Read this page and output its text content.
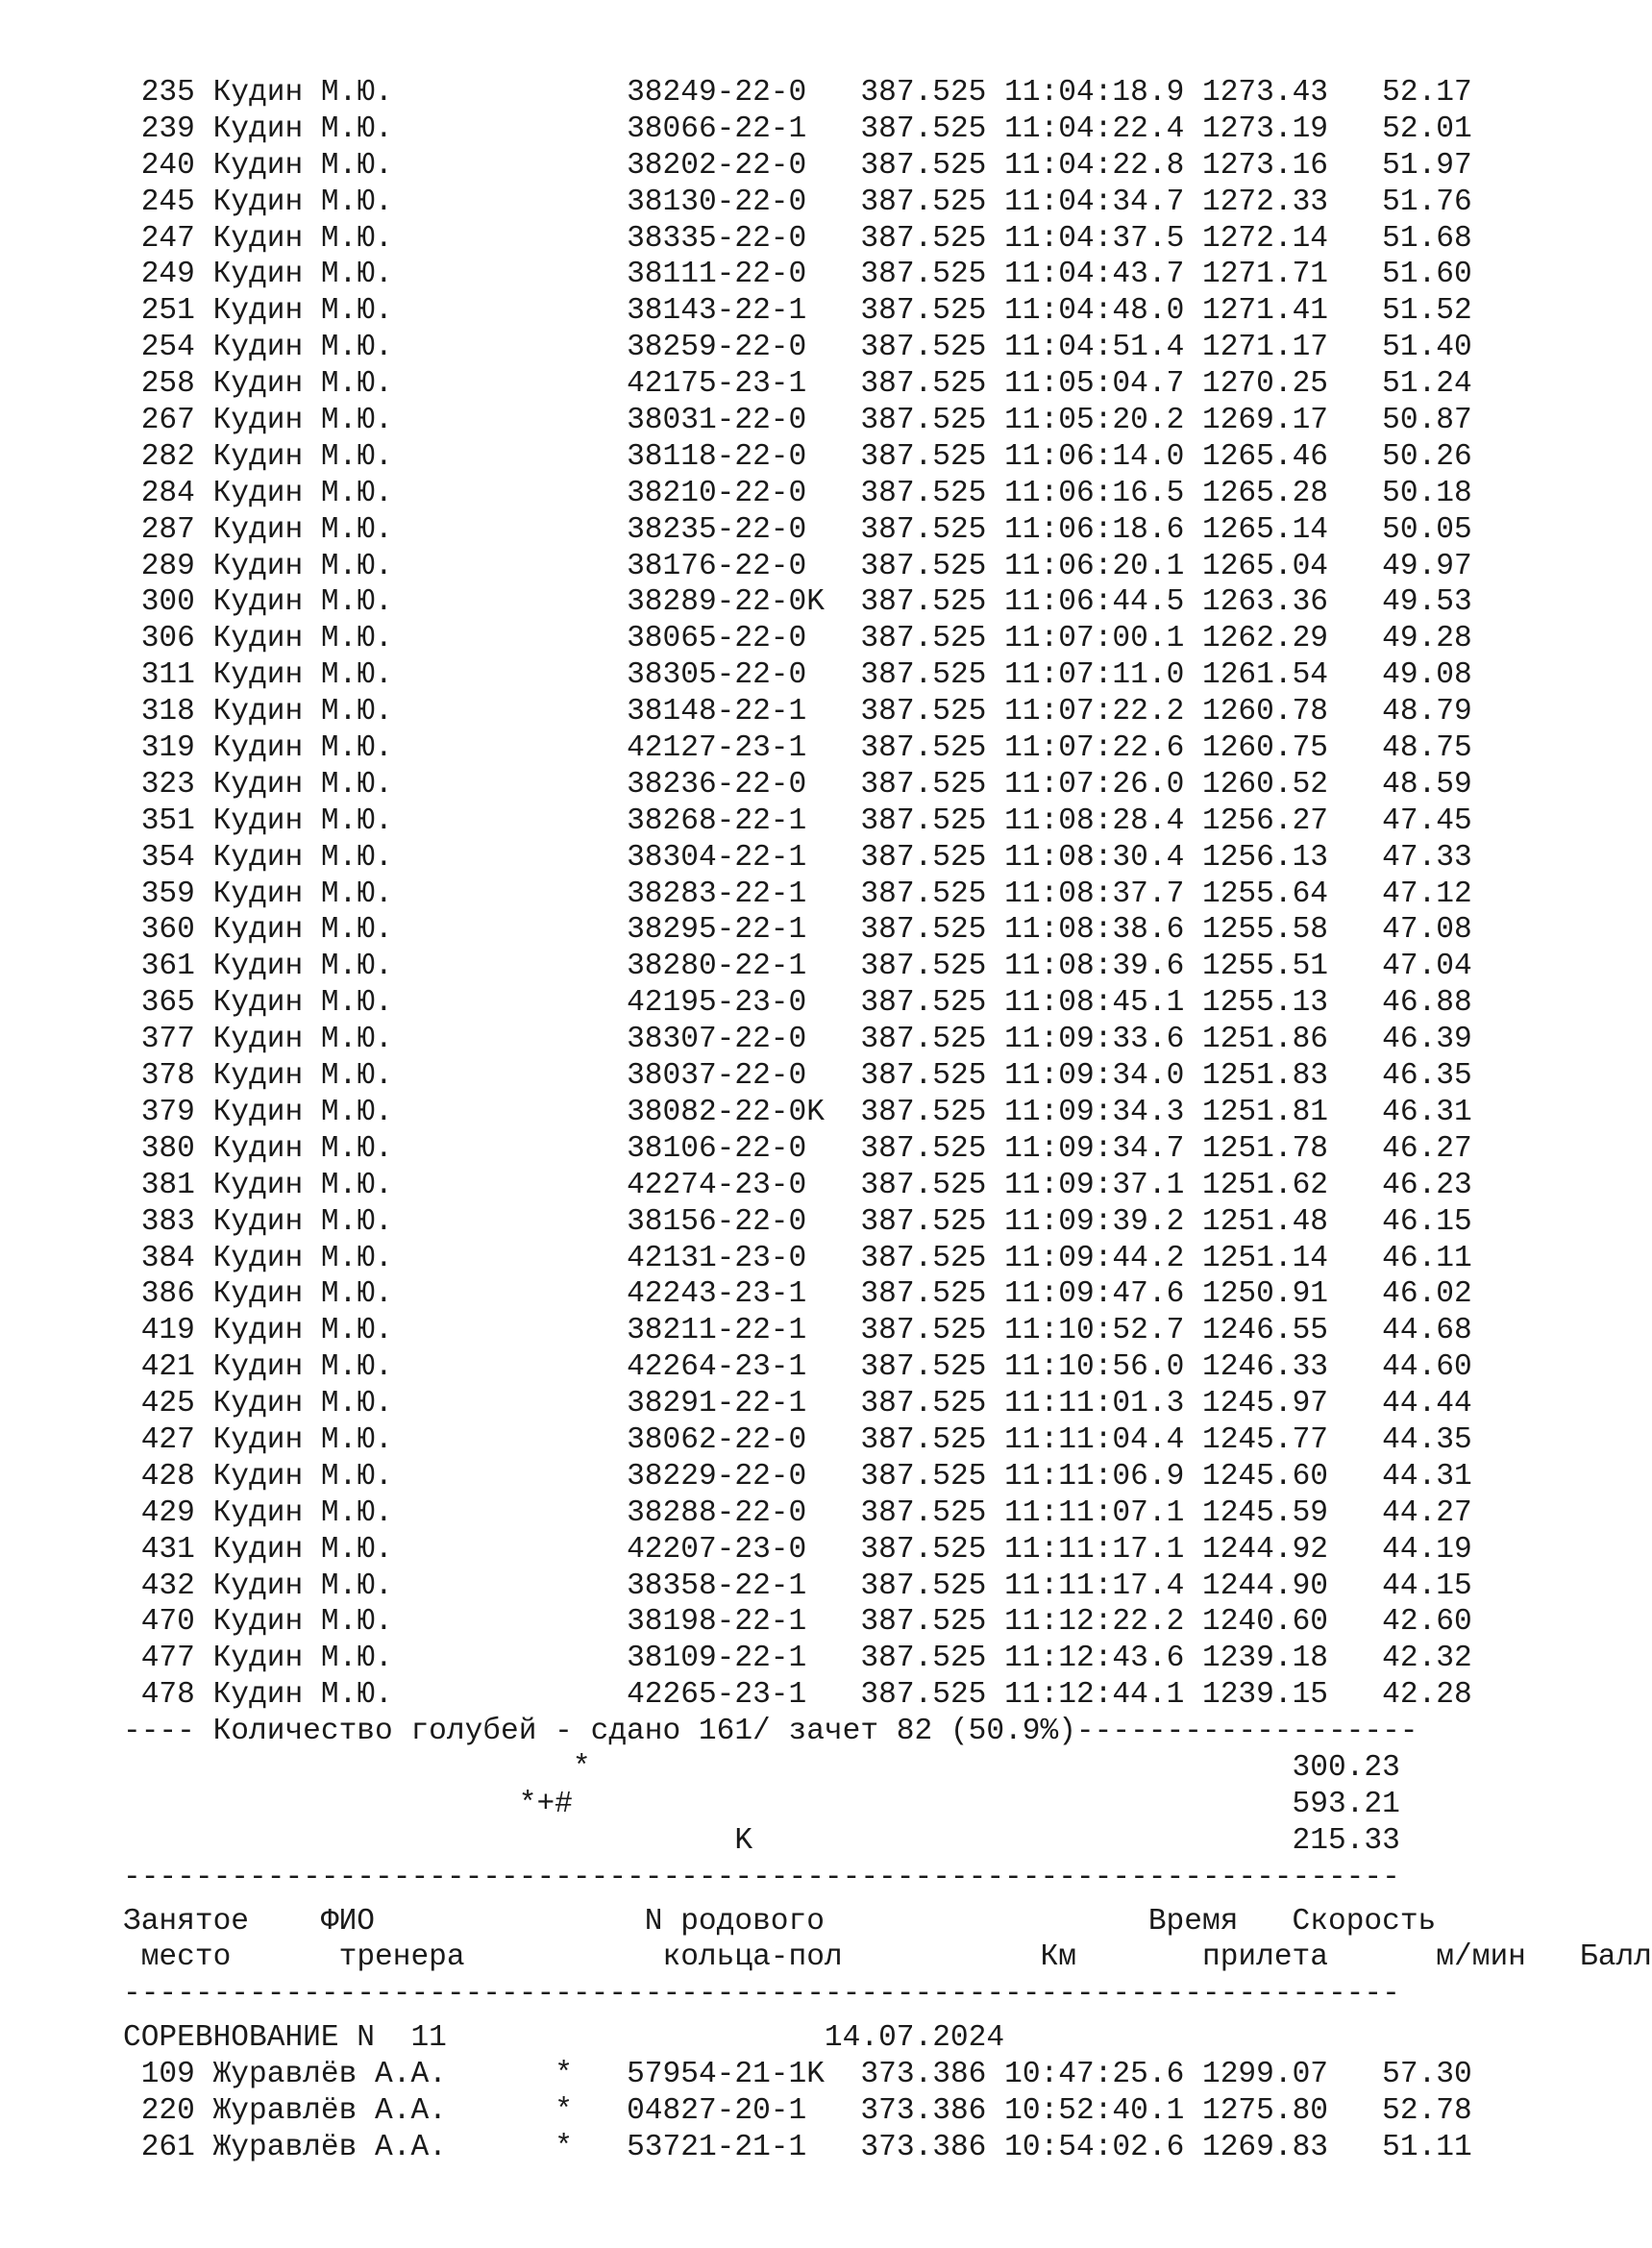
235 Кудин М.Ю.	38249-22-0   387.525 11:04:18.9 1273.43   52.17
239 Кудин М.Ю.	38066-22-1   387.525 11:04:22.4 1273.19   52.01
240 Кудин М.Ю.	38202-22-0   387.525 11:04:22.8 1273.16   51.97
245 Кудин М.Ю.	38130-22-0   387.525 11:04:34.7 1272.33   51.76
247 Кудин М.Ю.	38335-22-0   387.525 11:04:37.5 1272.14   51.68
249 Кудин М.Ю.	38111-22-0   387.525 11:04:43.7 1271.71   51.60
251 Кудин М.Ю.	38143-22-1   387.525 11:04:48.0 1271.41   51.52
254 Кудин М.Ю.	38259-22-0   387.525 11:04:51.4 1271.17   51.40
258 Кудин М.Ю.	42175-23-1   387.525 11:05:04.7 1270.25   51.24
267 Кудин М.Ю.	38031-22-0   387.525 11:05:20.2 1269.17   50.87
282 Кудин М.Ю.	38118-22-0   387.525 11:06:14.0 1265.46   50.26
284 Кудин М.Ю.	38210-22-0   387.525 11:06:16.5 1265.28   50.18
287 Кудин М.Ю.	38235-22-0   387.525 11:06:18.6 1265.14   50.05
289 Кудин М.Ю.	38176-22-0   387.525 11:06:20.1 1265.04   49.97
300 Кудин М.Ю.	38289-22-0K 387.525 11:06:44.5 1263.36   49.53
306 Кудин М.Ю.	38065-22-0   387.525 11:07:00.1 1262.29   49.28
311 Кудин М.Ю.	38305-22-0   387.525 11:07:11.0 1261.54   49.08
318 Кудин М.Ю.	38148-22-1   387.525 11:07:22.2 1260.78   48.79
319 Кудин М.Ю.	42127-23-1   387.525 11:07:22.6 1260.75   48.75
323 Кудин М.Ю.	38236-22-0   387.525 11:07:26.0 1260.52   48.59
351 Кудин М.Ю.	38268-22-1   387.525 11:08:28.4 1256.27   47.45
354 Кудин М.Ю.	38304-22-1   387.525 11:08:30.4 1256.13   47.33
359 Кудин М.Ю.	38283-22-1   387.525 11:08:37.7 1255.64   47.12
360 Кудин М.Ю.	38295-22-1   387.525 11:08:38.6 1255.58   47.08
361 Кудин М.Ю.	38280-22-1   387.525 11:08:39.6 1255.51   47.04
365 Кудин М.Ю.	42195-23-0   387.525 11:08:45.1 1255.13   46.88
377 Кудин М.Ю.	38307-22-0   387.525 11:09:33.6 1251.86   46.39
378 Кудин М.Ю.	38037-22-0   387.525 11:09:34.0 1251.83   46.35
379 Кудин М.Ю.	38082-22-0K 387.525 11:09:34.3 1251.81   46.31
380 Кудин М.Ю.	38106-22-0   387.525 11:09:34.7 1251.78   46.27
381 Кудин М.Ю.	42274-23-0   387.525 11:09:37.1 1251.62   46.23
383 Кудин М.Ю.	38156-22-0   387.525 11:09:39.2 1251.48   46.15
384 Кудин М.Ю.	42131-23-0   387.525 11:09:44.2 1251.14   46.11
386 Кудин М.Ю.	42243-23-1   387.525 11:09:47.6 1250.91   46.02
419 Кудин М.Ю.	38211-22-1   387.525 11:10:52.7 1246.55   44.68
421 Кудин М.Ю.	42264-23-1   387.525 11:10:56.0 1246.33   44.60
425 Кудин М.Ю.	38291-22-1   387.525 11:11:01.3 1245.97   44.44
427 Кудин М.Ю.	38062-22-0   387.525 11:11:04.4 1245.77   44.35
428 Кудин М.Ю.	38229-22-0   387.525 11:11:06.9 1245.60   44.31
429 Кудин М.Ю.	38288-22-0   387.525 11:11:07.1 1245.59   44.27
431 Кудин М.Ю.	42207-23-0   387.525 11:11:17.1 1244.92   44.19
432 Кудин М.Ю.	38358-22-1   387.525 11:11:17.4 1244.90   44.15
470 Кудин М.Ю.	38198-22-1   387.525 11:12:22.2 1240.60   42.60
477 Кудин М.Ю.	38109-22-1   387.525 11:12:43.6 1239.18   42.32
478 Кудин М.Ю.	42265-23-1   387.525 11:12:44.1 1239.15   42.28
---- Количество голубей - сдано 161/ зачет 82 (50.9%)-------------------
*                                       300.23
*+#                                        593.21
K                              215.33
-----------------------------------------------------------------------
Занятое    ФИО               N родового                  Время   Скорость
место      тренера           кольца-пол           Км       прилета      м/мин   Балл
-----------------------------------------------------------------------
СОРЕВНОВАНИЕ N  11	14.07.2024
109 Журавлёв А.А.      * 57954-21-1K 373.386 10:47:25.6 1299.07   57.30
220 Журавлёв А.А.      * 04827-20-1   373.386 10:52:40.1 1275.80   52.78
261 Журавлёв А.А.      * 53721-21-1   373.386 10:54:02.6 1269.83   51.11
